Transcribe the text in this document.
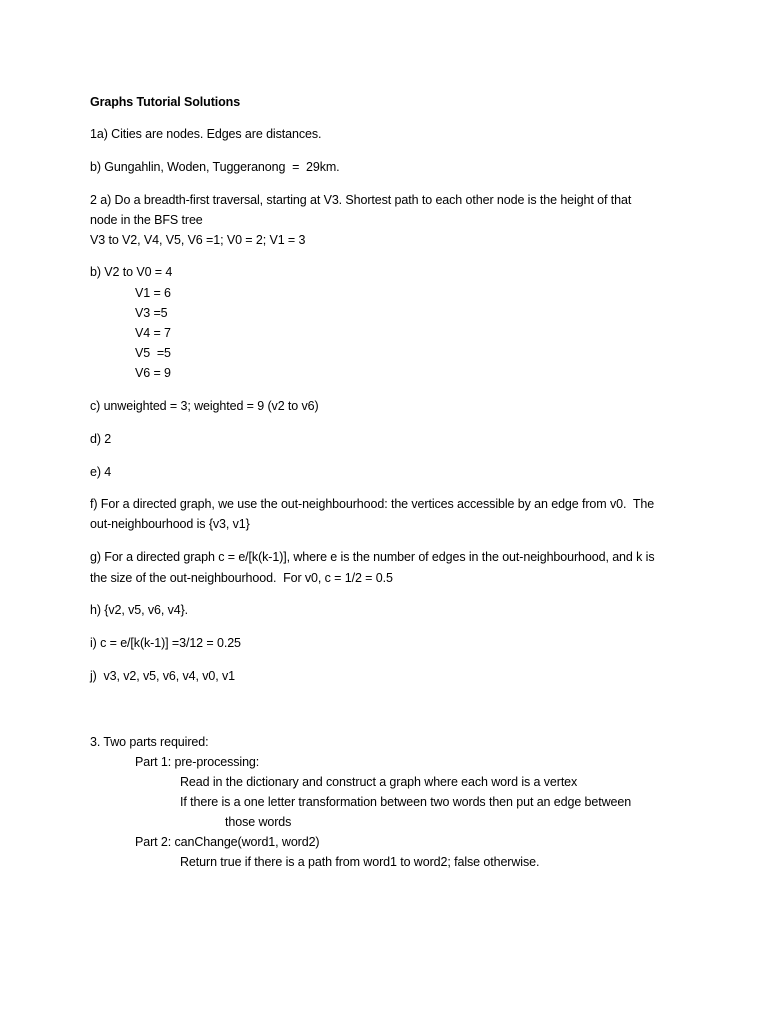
Graphs Tutorial Solutions

1a) Cities are nodes. Edges are distances.

b) Gungahlin, Woden, Tuggeranong  =  29km.

2 a) Do a breadth-first traversal, starting at V3. Shortest path to each other node is the height of that

node in the BFS tree

V3 to V2, V4, V5, V6 =1; V0 = 2; V1 = 3

b) V2 to V0 = 4

V1 = 6

V3 =5

V4 = 7

V5  =5

V6 = 9

c) unweighted = 3; weighted = 9 (v2 to v6)

d) 2

e) 4

f) For a directed graph, we use the out-neighbourhood: the vertices accessible by an edge from v0.  The

out-neighbourhood is {v3, v1}

g) For a directed graph c = e/[k(k-1)], where e is the number of edges in the out-neighbourhood, and k is

the size of the out-neighbourhood.  For v0, c = 1/2 = 0.5

h) {v2, v5, v6, v4}.

i) c = e/[k(k-1)] =3/12 = 0.25

j)  v3, v2, v5, v6, v4, v0, v1

3. Two parts required:

Part 1: pre-processing:

Read in the dictionary and construct a graph where each word is a vertex

If there is a one letter transformation between two words then put an edge between

those words

Part 2: canChange(word1, word2)

Return true if there is a path from word1 to word2; false otherwise.
